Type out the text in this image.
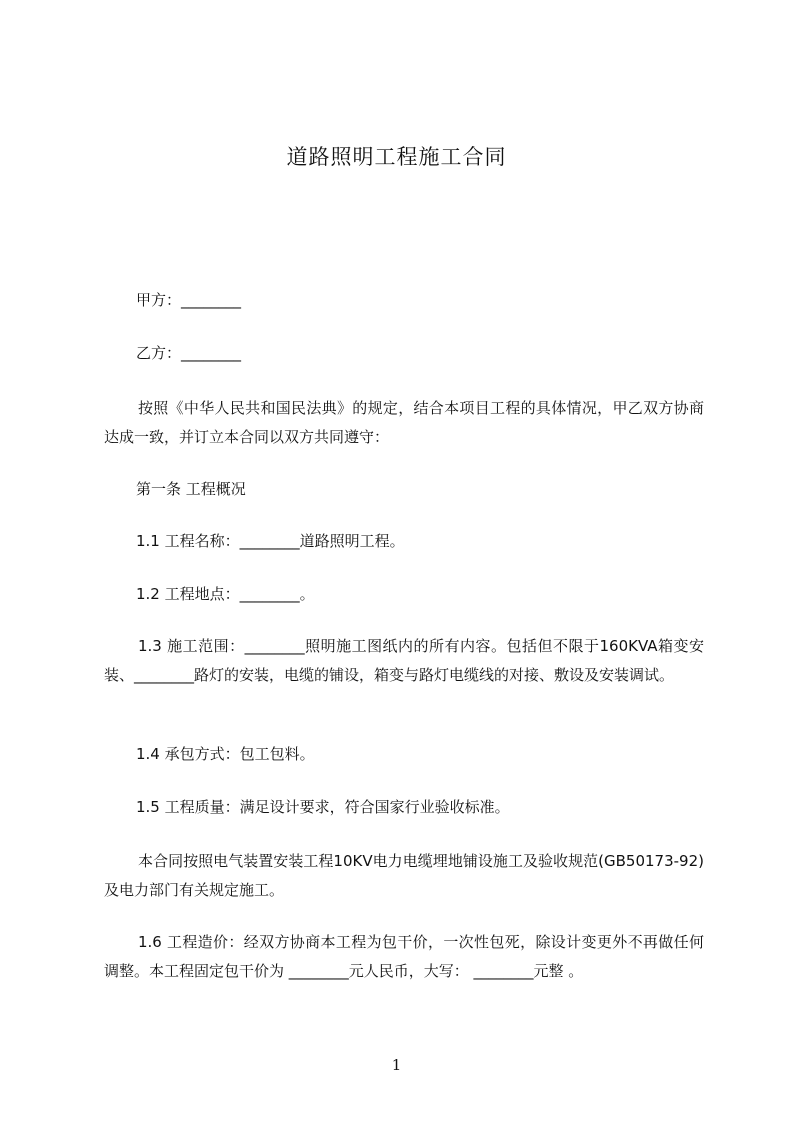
道路照明工程施工合同
甲方：________
乙方：________
按照《中华人民共和国民法典》的规定，结合本项目工程的具体情况，甲乙双方协商达成一致，并订立本合同以双方共同遵守：
第一条 工程概况
1.1 工程名称：________道路照明工程。
1.2 工程地点：________。
1.3 施工范围：________照明施工图纸内的所有内容。包括但不限于160KVA箱变安装、________路灯的安装，电缆的铺设，箱变与路灯电缆线的对接、敷设及安装调试。
1.4 承包方式：包工包料。
1.5 工程质量：满足设计要求，符合国家行业验收标准。
本合同按照电气装置安装工程10KV电力电缆埋地铺设施工及验收规范(GB50173-92)及电力部门有关规定施工。
1.6 工程造价：经双方协商本工程为包干价，一次性包死，除设计变更外不再做任何调整。本工程固定包干价为 ________元人民币，大写： ________元整 。
1
